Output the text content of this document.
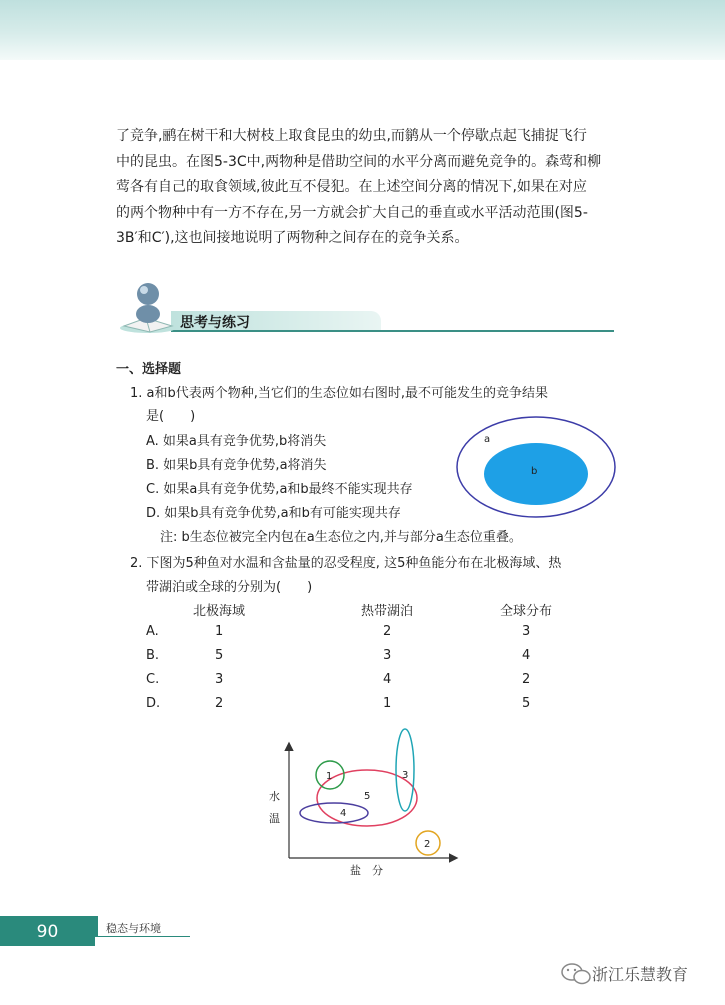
了竞争,鹂在树干和大树枝上取食昆虫的幼虫,而鹟从一个停歇点起飞捕捉飞行
中的昆虫。在图5-3C中,两物种是借助空间的水平分离而避免竞争的。森莺和柳
莺各有自己的取食领域,彼此互不侵犯。在上述空间分离的情况下,如果在对应
的两个物种中有一方不存在,另一方就会扩大自己的垂直或水平活动范围(图5-
3B′和C′),这也间接地说明了两物种之间存在的竞争关系。
思考与练习
一、选择题
1. a和b代表两个物种,当它们的生态位如右图时,最不可能发生的竞争结果
是(　　)
A. 如果a具有竞争优势,b将消失
B. 如果b具有竞争优势,a将消失
C. 如果a具有竞争优势,a和b最终不能实现共存
D. 如果b具有竞争优势,a和b有可能实现共存
注: b生态位被完全内包在a生态位之内,并与部分a生态位重叠。
a
b
2. 下图为5种鱼对水温和含盐量的忍受程度, 这5种鱼能分布在北极海域、热
带湖泊或全球的分别为(　　)
北极海域	热带湖泊	全球分布
A.	1	2	3
B.	5	3	4
C.	3	4	2
D.	2	1	5
水
温
盐　分
1
2
3
4
5
90	稳态与环境
浙江乐慧教育
